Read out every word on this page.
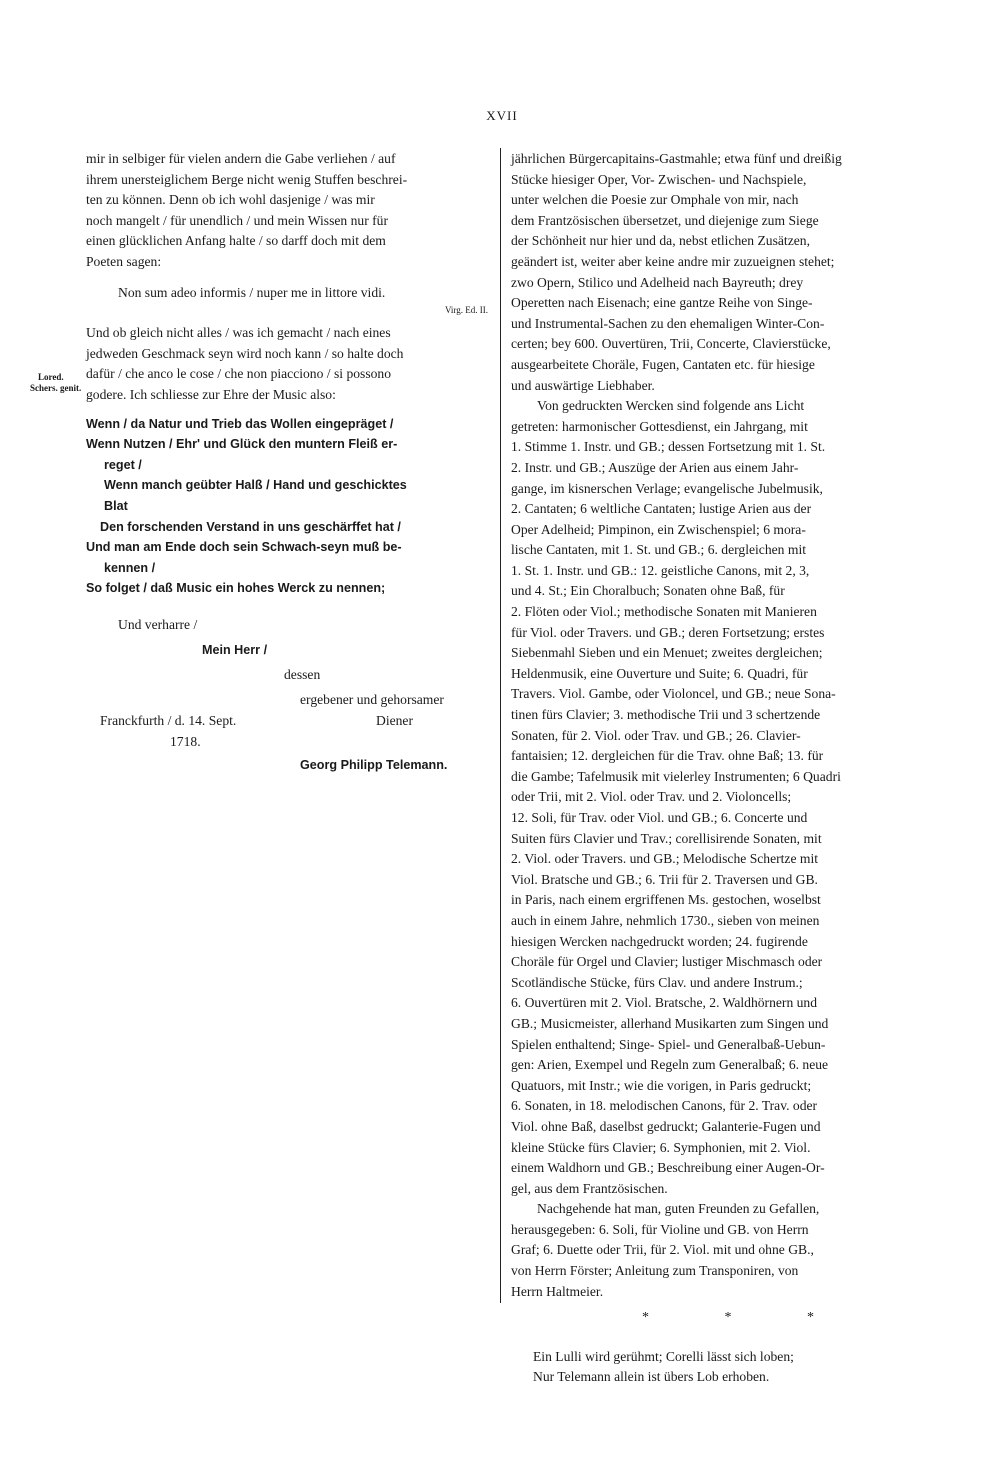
XVII
mir in selbiger für vielen andern die Gabe verliehen / auf
ihrem unersteiglichem Berge nicht wenig Stuffen beschrei-
ten zu können. Denn ob ich wohl dasjenige / was mir
noch mangelt / für unendlich / und mein Wissen nur für
einen glücklichen Anfang halte / so darff doch mit dem
Poeten sagen:
Non sum adeo informis / nuper me in littore vidi.
Virg. Ed. II.
Und ob gleich nicht alles / was ich gemacht / nach eines
jedweden Geschmack seyn wird noch kann / so halte doch
dafür / che anco le cose / che non piacciono / si possono
godere. Ich schliesse zur Ehre der Music also:
Wenn / da Natur und Trieb das Wollen eingepräget /
Wenn Nutzen / Ehr' und Glück den muntern Fleiß er-
reget /
Wenn manch geübter Halß / Hand und geschicktes
Blat
Den forschenden Verstand in uns geschärffet hat /
Und man am Ende doch sein Schwach-seyn muß be-
kennen /
So folget / daß Music ein hohes Werck zu nennen;
Und verharre /
Mein Herr /
dessen
ergebener und gehorsamer
Franckfurth / d. 14. Sept.	Diener
1718.
Georg Philipp Telemann.
Lored.
Schers. genit.
jährlichen Bürgercapitains-Gastmahle; etwa fünf und dreißig
Stücke hiesiger Oper, Vor- Zwischen- und Nachspiele,
unter welchen die Poesie zur Omphale von mir, nach
dem Frantzösischen übersetzet, und diejenige zum Siege
der Schönheit nur hier und da, nebst etlichen Zusätzen,
geändert ist, weiter aber keine andre mir zuzueignen stehet;
zwo Opern, Stilico und Adelheid nach Bayreuth; drey
Operetten nach Eisenach; eine gantze Reihe von Singe-
und Instrumental-Sachen zu den ehemaligen Winter-Con-
certen; bey 600. Ouvertüren, Trii, Concerte, Clavierstücke,
ausgearbeitete Choräle, Fugen, Cantaten etc. für hiesige
und auswärtige Liebhaber.
Von gedruckten Wercken sind folgende ans Licht
getreten: harmonischer Gottesdienst, ein Jahrgang, mit
1. Stimme 1. Instr. und GB.; dessen Fortsetzung mit 1. St.
2. Instr. und GB.; Auszüge der Arien aus einem Jahr-
gange, im kisnerschen Verlage; evangelische Jubelmusik,
2. Cantaten; 6 weltliche Cantaten; lustige Arien aus der
Oper Adelheid; Pimpinon, ein Zwischenspiel; 6 mora-
lische Cantaten, mit 1. St. und GB.; 6. dergleichen mit
1. St. 1. Instr. und GB.: 12. geistliche Canons, mit 2, 3,
und 4. St.; Ein Choralbuch; Sonaten ohne Baß, für
2. Flöten oder Viol.; methodische Sonaten mit Manieren
für Viol. oder Travers. und GB.; deren Fortsetzung; erstes
Siebenmahl Sieben und ein Menuet; zweites dergleichen;
Heldenmusik, eine Ouverture und Suite; 6. Quadri, für
Travers. Viol. Gambe, oder Violoncel, und GB.; neue Sona-
tinen fürs Clavier; 3. methodische Trii und 3 schertzende
Sonaten, für 2. Viol. oder Trav. und GB.; 26. Clavier-
fantaisien; 12. dergleichen für die Trav. ohne Baß; 13. für
die Gambe; Tafelmusik mit vielerley Instrumenten; 6 Quadri
oder Trii, mit 2. Viol. oder Trav. und 2. Violoncells;
12. Soli, für Trav. oder Viol. und GB.; 6. Concerte und
Suiten fürs Clavier und Trav.; corellisirende Sonaten, mit
2. Viol. oder Travers. und GB.; Melodische Schertze mit
Viol. Bratsche und GB.; 6. Trii für 2. Traversen und GB.
in Paris, nach einem ergriffenen Ms. gestochen, woselbst
auch in einem Jahre, nehmlich 1730., sieben von meinen
hiesigen Wercken nachgedruckt worden; 24. fugirende
Choräle für Orgel und Clavier; lustiger Mischmasch oder
Scotländische Stücke, fürs Clav. und andere Instrum.;
6. Ouvertüren mit 2. Viol. Bratsche, 2. Waldhörnern und
GB.; Musicmeister, allerhand Musikarten zum Singen und
Spielen enthaltend; Singe- Spiel- und Generalbaß-Uebun-
gen: Arien, Exempel und Regeln zum Generalbaß; 6. neue
Quatuors, mit Instr.; wie die vorigen, in Paris gedruckt;
6. Sonaten, in 18. melodischen Canons, für 2. Trav. oder
Viol. ohne Baß, daselbst gedruckt; Galanterie-Fugen und
kleine Stücke fürs Clavier; 6. Symphonien, mit 2. Viol.
einem Waldhorn und GB.; Beschreibung einer Augen-Or-
gel, aus dem Frantzösischen.
Nachgehende hat man, guten Freunden zu Gefallen,
herausgegeben: 6. Soli, für Violine und GB. von Herrn
Graf; 6. Duette oder Trii, für 2. Viol. mit und ohne GB.,
von Herrn Förster; Anleitung zum Transponiren, von
Herrn Haltmeier.
* * *
Ein Lulli wird gerühmt; Corelli lässt sich loben;
Nur Telemann allein ist übers Lob erhoben.
